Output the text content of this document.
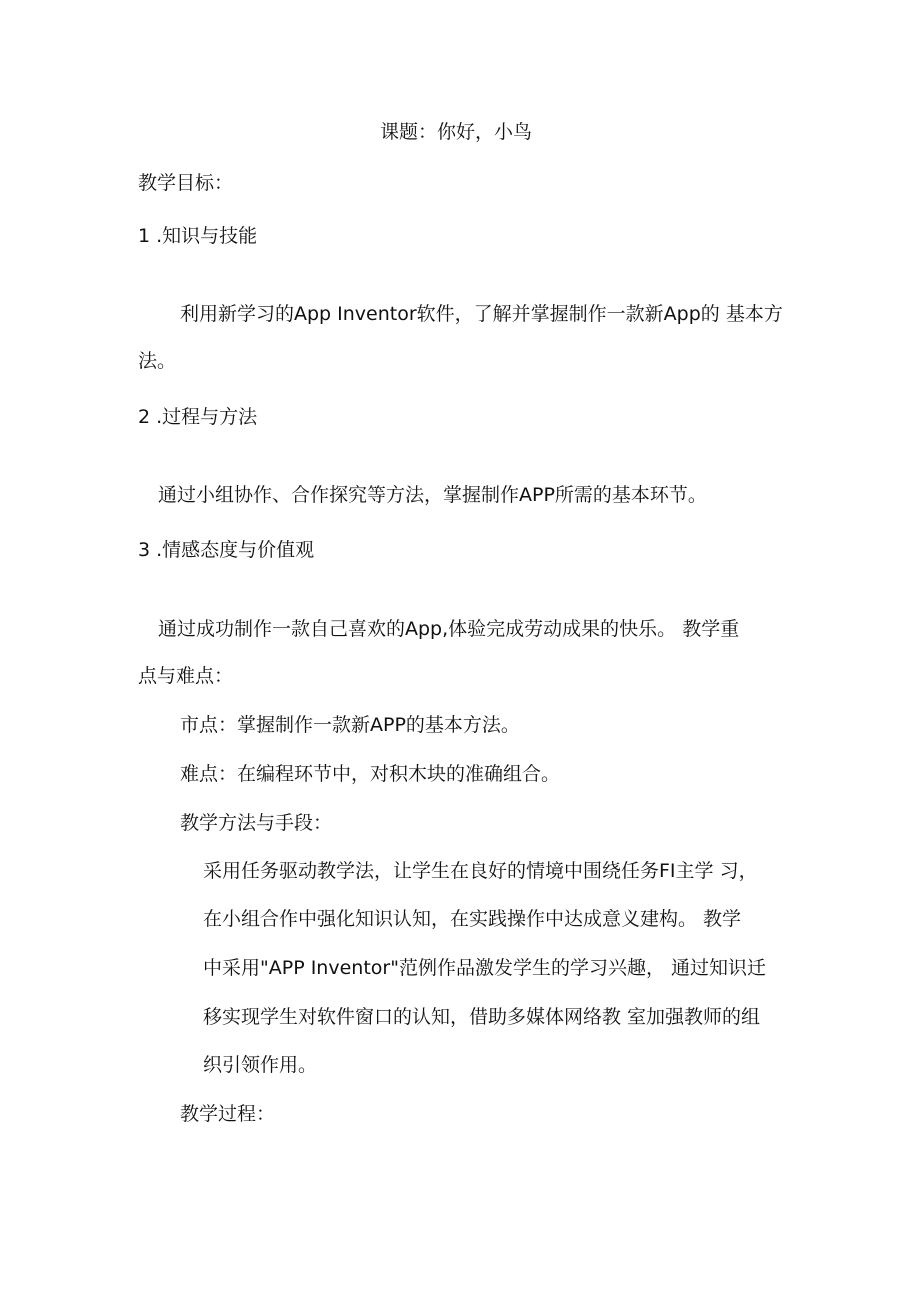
课题：你好，小鸟
教学目标：
1 .知识与技能
利用新学习的App Inventor软件，了解并掌握制作一款新App的 基本方
法。
2 .过程与方法
通过小组协作、合作探究等方法，掌握制作APP所需的基本环节。
3 .情感态度与价值观
通过成功制作一款自己喜欢的App,体验完成劳动成果的快乐。 教学重
点与难点：
市点：掌握制作一款新APP的基本方法。
难点：在编程环节中，对积木块的准确组合。
教学方法与手段：
采用任务驱动教学法，让学生在良好的情境中围绕任务FI主学 习，
在小组合作中强化知识认知，在实践操作中达成意义建构。 教学
中采用"APP Inventor"范例作品激发学生的学习兴趣， 通过知识迁
移实现学生对软件窗口的认知，借助多媒体网络教 室加强教师的组
织引领作用。
教学过程：
